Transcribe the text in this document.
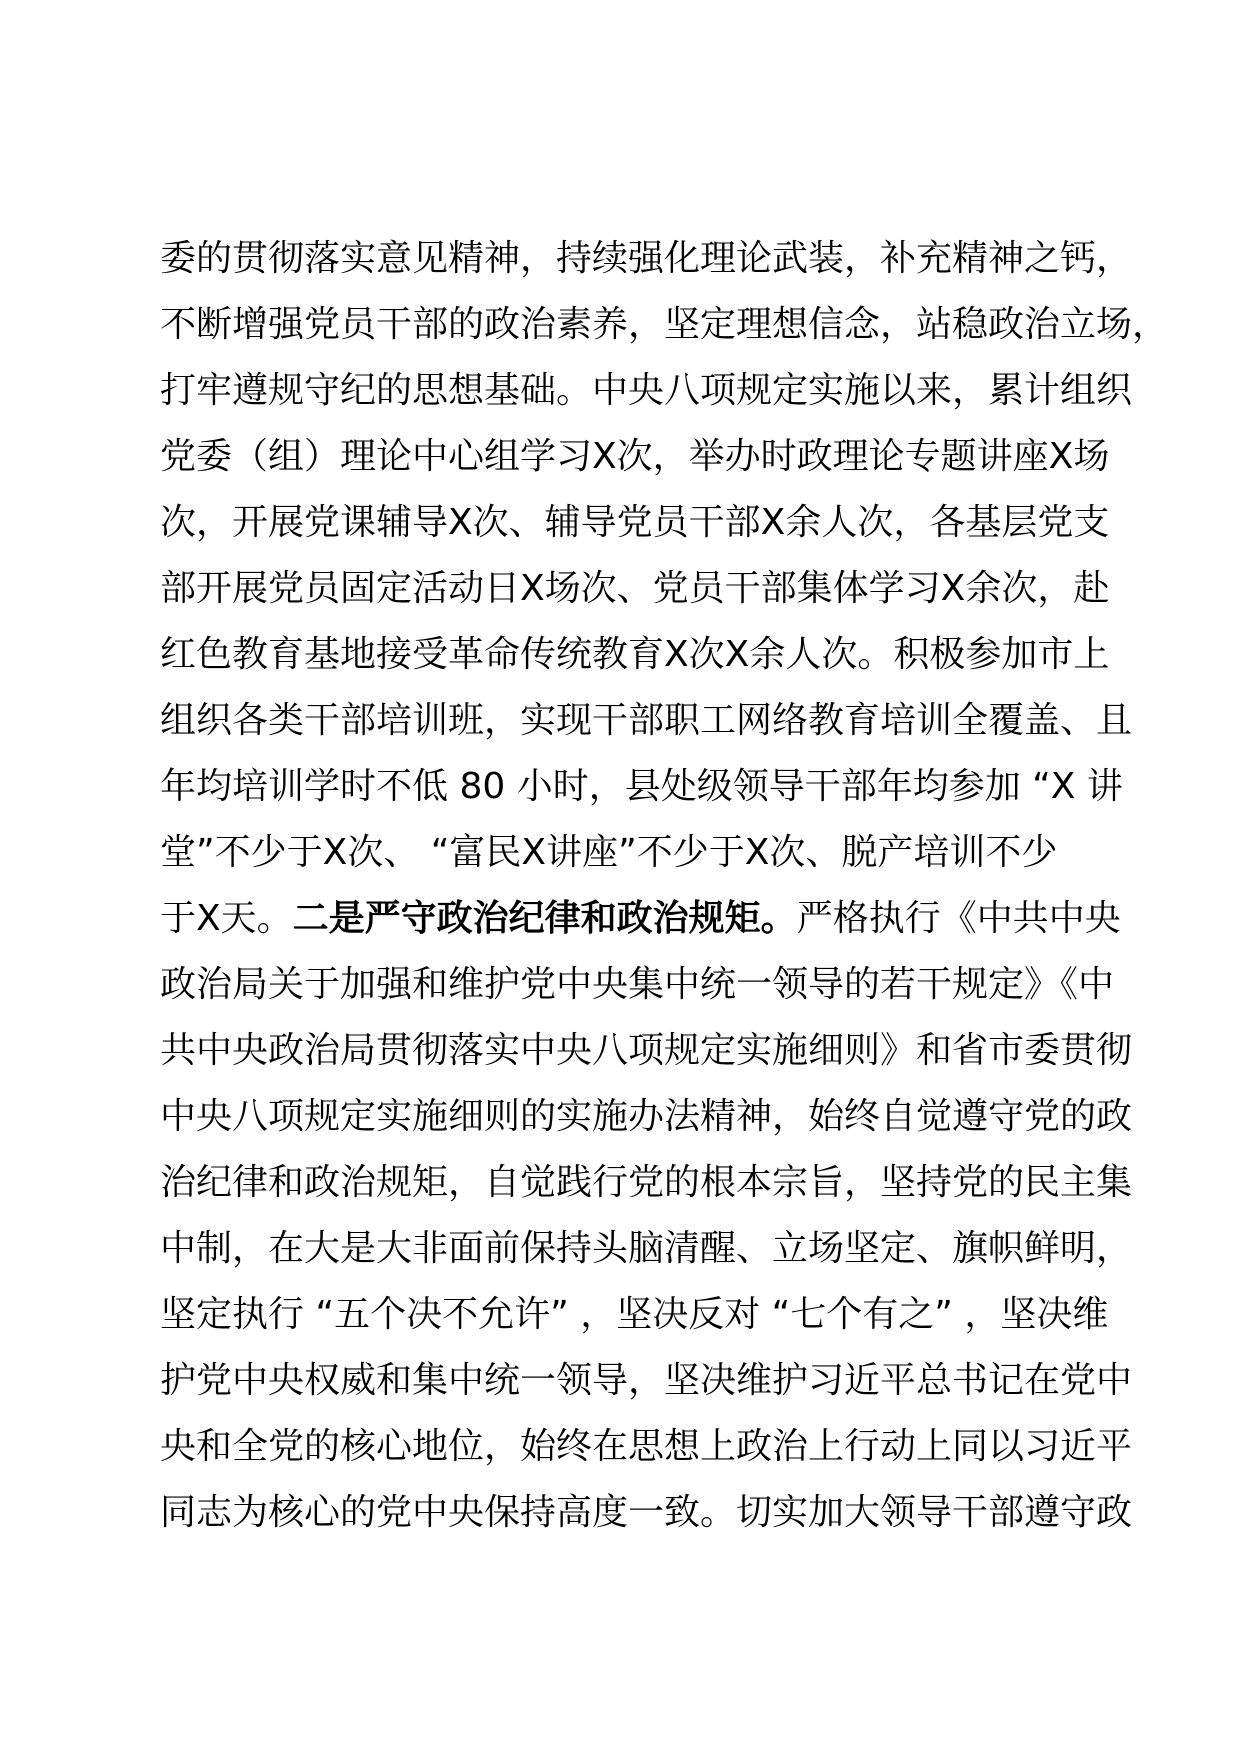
委的贯彻落实意见精神，持续强化理论武装，补充精神之钙，
不断增强党员干部的政治素养，坚定理想信念，站稳政治立场，
打牢遵规守纪的思想基础。中央八项规定实施以来，累计组织
党委（组）理论中心组学习X次，举办时政理论专题讲座X场
次，开展党课辅导X次、辅导党员干部X余人次，各基层党支
部开展党员固定活动日X场次、党员干部集体学习X余次，赴
红色教育基地接受革命传统教育X次X余人次。积极参加市上
组织各类干部培训班，实现干部职工网络教育培训全覆盖、且
年均培训学时不低 80 小时，县处级领导干部年均参加 “X 讲
堂”不少于X次、 “富民X讲座”不少于X次、脱产培训不少
于X天。二是严守政治纪律和政治规矩。严格执行《中共中央
政治局关于加强和维护党中央集中统一领导的若干规定》《中
共中央政治局贯彻落实中央八项规定实施细则》和省市委贯彻
中央八项规定实施细则的实施办法精神，始终自觉遵守党的政
治纪律和政治规矩，自觉践行党的根本宗旨，坚持党的民主集
中制，在大是大非面前保持头脑清醒、立场坚定、旗帜鲜明，
坚定执行 “五个决不允许” ，坚决反对 “七个有之” ，坚决维
护党中央权威和集中统一领导，坚决维护习近平总书记在党中
央和全党的核心地位，始终在思想上政治上行动上同以习近平
同志为核心的党中央保持高度一致。切实加大领导干部遵守政
